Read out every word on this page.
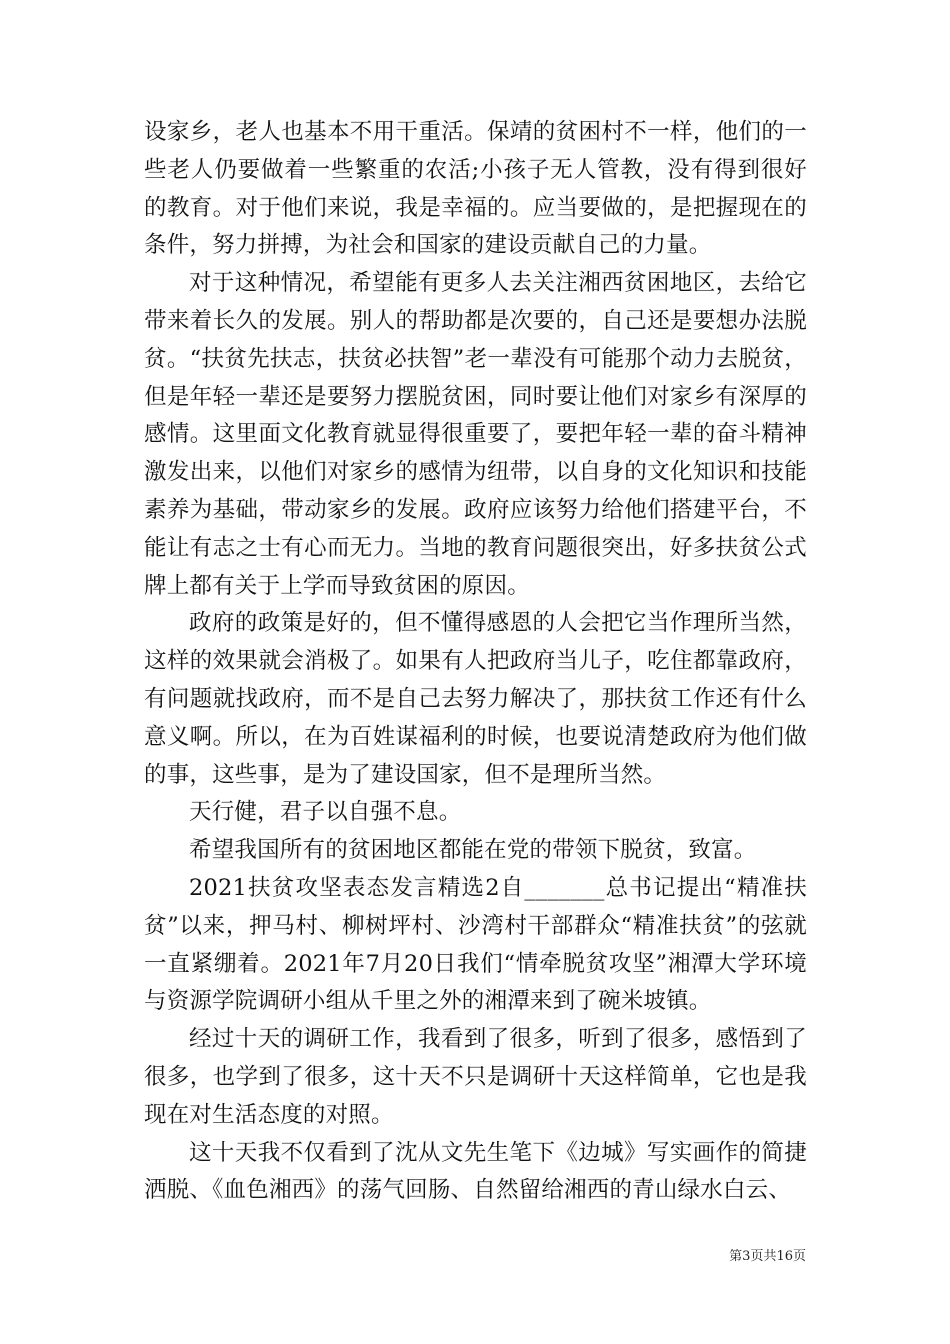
设家乡，老人也基本不用干重活。保靖的贫困村不一样，他们的一些老人仍要做着一些繁重的农活;小孩子无人管教，没有得到很好的教育。对于他们来说，我是幸福的。应当要做的，是把握现在的条件，努力拼搏，为社会和国家的建设贡献自己的力量。

对于这种情况，希望能有更多人去关注湘西贫困地区，去给它带来着长久的发展。别人的帮助都是次要的，自己还是要想办法脱贫。“扶贫先扶志，扶贫必扶智”老一辈没有可能那个动力去脱贫，但是年轻一辈还是要努力摆脱贫困，同时要让他们对家乡有深厚的感情。这里面文化教育就显得很重要了，要把年轻一辈的奋斗精神激发出来，以他们对家乡的感情为纽带，以自身的文化知识和技能素养为基础，带动家乡的发展。政府应该努力给他们搭建平台，不能让有志之士有心而无力。当地的教育问题很突出，好多扶贫公式牌上都有关于上学而导致贫困的原因。

政府的政策是好的，但不懂得感恩的人会把它当作理所当然，这样的效果就会消极了。如果有人把政府当儿子，吃住都靠政府，有问题就找政府，而不是自己去努力解决了，那扶贫工作还有什么意义啊。所以，在为百姓谋福利的时候，也要说清楚政府为他们做的事，这些事，是为了建设国家，但不是理所当然。

天行健，君子以自强不息。

希望我国所有的贫困地区都能在党的带领下脱贫，致富。

2021扶贫攻坚表态发言精选2自_______总书记提出“精准扶贫”以来，押马村、柳树坪村、沙湾村干部群众“精准扶贫”的弦就一直紧绷着。2021年7月20日我们“情牵脱贫攻坚”湘潭大学环境与资源学院调研小组从千里之外的湘潭来到了碗米坡镇。

经过十天的调研工作，我看到了很多，听到了很多，感悟到了很多，也学到了很多，这十天不只是调研十天这样简单，它也是我现在对生活态度的对照。

这十天我不仅看到了沈从文先生笔下《边城》写实画作的简捷洒脱、《血色湘西》的荡气回肠、自然留给湘西的青山绿水白云、

第3页共16页
